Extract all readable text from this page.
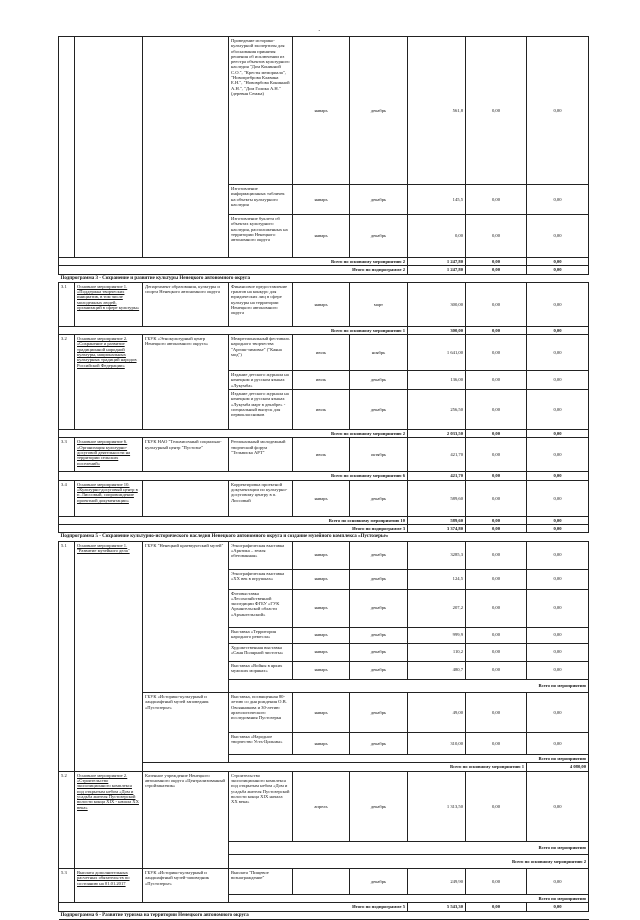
·
			Проведение историко-культурной экспертизы для обоснования принятия решения об исключении из реестра объектов культурного наследия "Дом Конинной С.О.", "Кресты мемориала", "Новопреброва Клавина Е.Н.", "Нововрбова Конинной А.Н.", "Дом Голика А.Н." (деревня Семжа)	январь	декабрь	561,8	0,00	0,00	
			Изготовление информационных табличек на объекты культурного наследия	январь	декабрь	145,5	0,00	0,00	
			Изготовление буклета об объектах культурного наследия, расположенных на территории Ненецкого автономного округа	январь	декабрь	0,00	0,00	0,00	
Всего по основному мероприятию 2						1 247,80	0,00	0,00	
Итого по подпрограмме 2						1 247,80	0,00	0,00	
Подпрограмма 3 - Сохранение и развитие культуры Ненецкого автономного округа									
3.1	Основное мероприятие 1. «Поддержка творческих инициатив, в том числе молодежных людей, организаций в сфере культуры»	Департамент образования, культуры и спорта Ненецкого автономного округа	Финансовое предоставление грантов на конкурс для юридических лиц в сфере культуры на территории Ненецкого автономного округа	январь	март	300,00	0,00	0,00	
Всего по основному мероприятию 1						300,00	0,00	0,00	
3.2	Основное мероприятие 2. «Сохранение и развитие традиционной народной культуры, национальных культурных традиций народов Российской Федерации»	ГБУК «Этнокультурный центр Ненецкого автономного округа»	Межрегиональный фестиваль народного творчества "Аргиш-зимовье" ("Каяна мод")	июль	ноябрь	1 641,00	0,00	0,00	
			Издание детского журнала на ненецком и русском языках «Лукумба»	июль	декабрь	136,00	0,00	0,00	
			Издание детского журнала на ненецком и русском языках «Лукумба март в декабре» - специальный выпуск для первоклассников	июль	декабрь	256,50	0,00	0,00	
Всего по основному мероприятию 2						2 033,50	0,00	0,00	
3.3	Основное мероприятие 6. «Организация культурно-досуговой деятельности на территории сельских поселений»	ГБУК НАО "Тельвисочный социально-культурный центр "Пустозье"	Региональный молодежный творческий форум "Тельвиска АРТ"	июль	октябрь	421,70	0,00	0,00	
Всего по основному мероприятию 6						421,70	0,00	0,00	
3.4	Основное мероприятие 10. «Культурно-досуговый центр в п. Лиссовый, сопровождение проектной документации»		Корректировка проектной документации по культурно-досуговому центру в п. Лиссовый	январь	декабрь	589,60	0,00	0,00	
Всего по основному мероприятию 10						589,60	0,00	0,00	
Итого по подпрограмме 3						3 374,80	0,00	0,00	
Подпрограмма 5 - Сохранение культурно-исторического наследия Ненецкого автономного округа и создание музейного комплекса «Пустозерье»									
5.1	Основное мероприятие 1. "Развитие музейного дела"	ГБУК "Ненецкий краеведческий музей"	Этнографическая выставка «Арктика – земля обетованная»	январь	декабрь	3285,3	0,00	0,00	
			Этнографическая выставка «XX век в игрушках»	январь	декабрь	124,5	0,00	0,00	
			Фотовыставка «Лесохозяйственной экспедиции ФГБУ «ГУК Архангельской области «Архангельский»	январь	декабрь	207,2	0,00	0,00	
			Выставка «Территория народного ремесла»	январь	декабрь	999,9	0,00	0,00	
			Художественная выставка «Саня Полярной чистоты»	январь	декабрь	110,2	0,00	0,00	
			Выставка «Войны в ярких мужских моряках»	январь	декабрь	480,7	0,00	0,00	
			Всего по мероприятию			
		ГБУК «Историко-культурный и ландшафтный музей заповедник «Пустозерье»	Выставка, посвященная 80-летию со дня рождения О.В. Овсянникова и 30-летию археологического исследования Пустозерья	январь	декабрь	49,00	0,00	0,00	
			Выставка «Народное творчество Усть-Цильмы»	январь	декабрь	310,00	0,00	0,00	
			Всего по мероприятию			
		Всего по основному мероприятию 1						4 080,00		
5.2	Основное мероприятие 2. «Строительство экспозиционного комплекса под открытым небом «Дом и усадьба жителя Пустозерской волости конца XIX - начала XX века»	Казенное учреждение Ненецкого автономного округа «Централизованный стройзаказчик»	Строительство экспозиционного комплекса под открытым небом «Дом и усадьба жителя Пустозерской волости конца XIX начала XX века»	апрель	декабрь	1 313,50	0,00	0,00	
			Всего по мероприятию			
			Всего по основному мероприятию 2			
5.3	Выплата дополнительных расчетных обязательств по состоянию на 01.01.2017	ГБУК «Историко-культурный и ландшафтный музей-заповедник «Пустозерье»	Выплата "Пищевое вознаграждение"		декабрь	249,90	0,00	0,00	
			Всего по мероприятию			
Итого по подпрограмме 5						5 543,30	0,00	0,00	
Подпрограмма 6 - Развитие туризма на территории Ненецкого автономного округа									
